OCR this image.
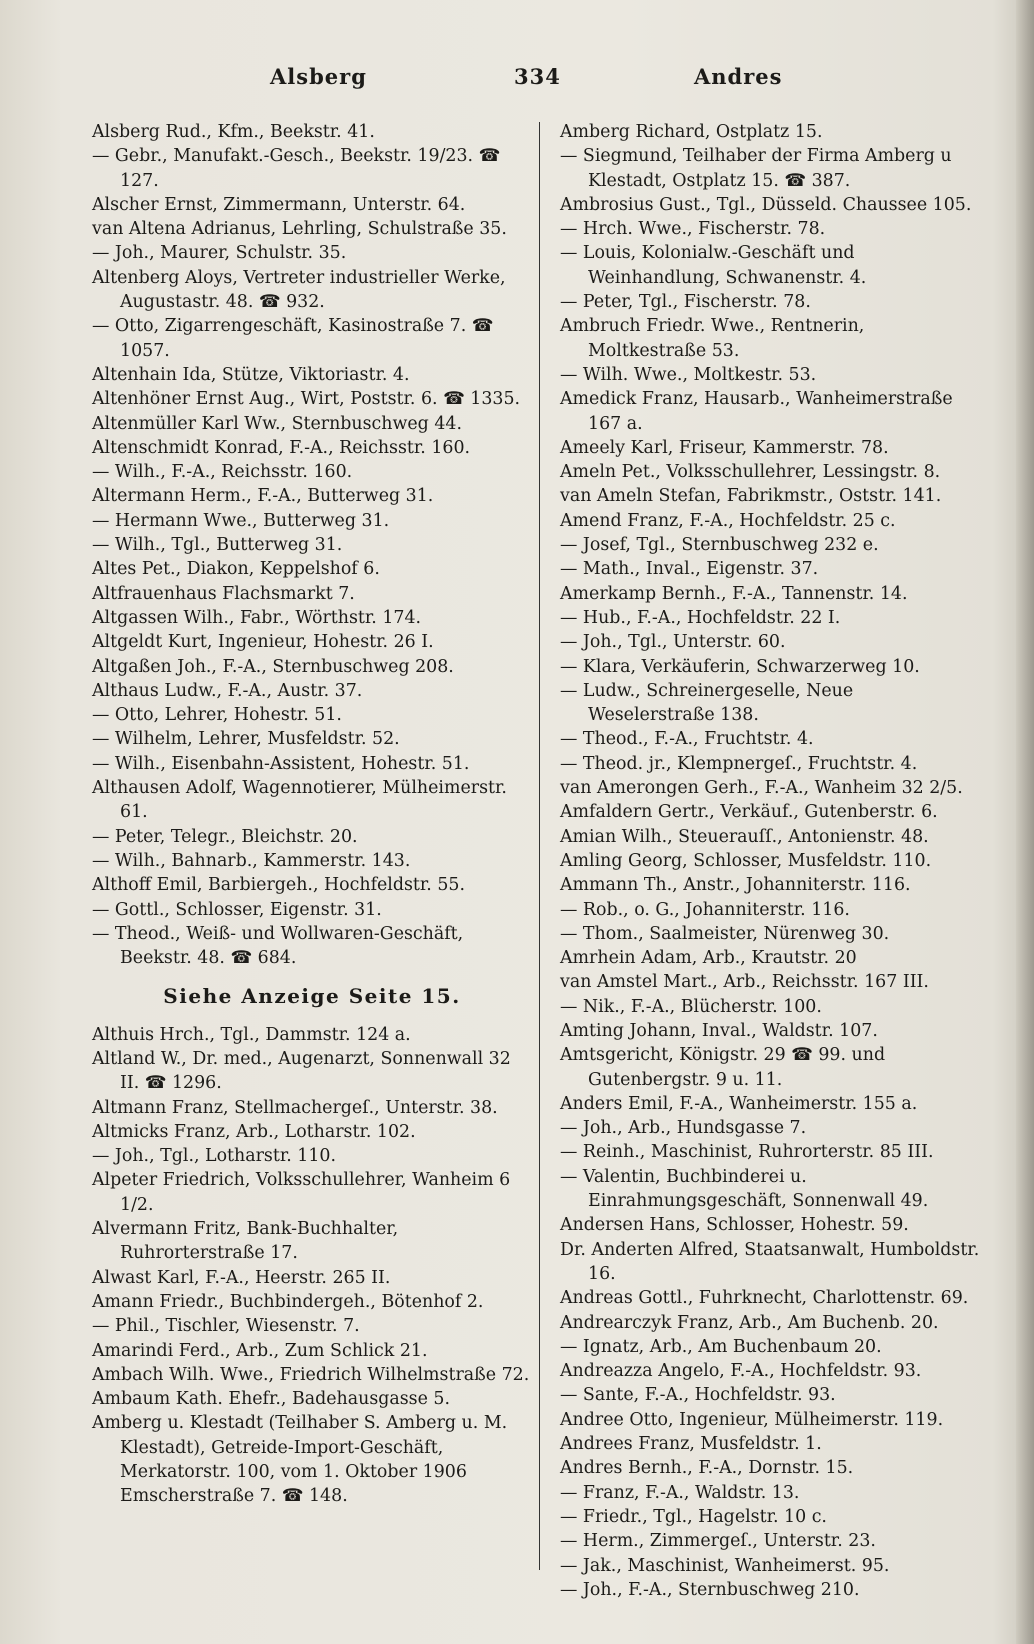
Alsberg	334	Andres

Alsberg Rud., Kfm., Beekstr. 41.

— Gebr., Manufakt.-Gesch., Beekstr. 19/23. ☎ 127.

Alscher Ernst, Zimmermann, Unterstr. 64.

van Altena Adrianus, Lehrling, Schulstraße 35.

— Joh., Maurer, Schulstr. 35.

Altenberg Aloys, Vertreter industrieller Werke, Augustastr. 48. ☎ 932.

— Otto, Zigarrengeschäft, Kasinostraße 7. ☎ 1057.

Altenhain Ida, Stütze, Viktoriastr. 4.

Altenhöner Ernst Aug., Wirt, Poststr. 6. ☎ 1335.

Altenmüller Karl Ww., Sternbuschweg 44.

Altenschmidt Konrad, F.-A., Reichsstr. 160.

— Wilh., F.-A., Reichsstr. 160.

Altermann Herm., F.-A., Butterweg 31.

— Hermann Wwe., Butterweg 31.

— Wilh., Tgl., Butterweg 31.

Altes Pet., Diakon, Keppelshof 6.

Altfrauenhaus Flachsmarkt 7.

Altgassen Wilh., Fabr., Wörthstr. 174.

Altgeldt Kurt, Ingenieur, Hohestr. 26 I.

Altgaßen Joh., F.-A., Sternbuschweg 208.

Althaus Ludw., F.-A., Austr. 37.

— Otto, Lehrer, Hohestr. 51.

— Wilhelm, Lehrer, Musfeldstr. 52.

— Wilh., Eisenbahn-Assistent, Hohestr. 51.

Althausen Adolf, Wagennotierer, Mülheimerstr. 61.

— Peter, Telegr., Bleichstr. 20.

— Wilh., Bahnarb., Kammerstr. 143.

Althoff Emil, Barbiergeh., Hochfeldstr. 55.

— Gottl., Schlosser, Eigenstr. 31.

— Theod., Weiß- und Wollwaren-Geschäft, Beekstr. 48. ☎ 684.

Siehe Anzeige Seite 15.

Althuis Hrch., Tgl., Dammstr. 124 a.

Altland W., Dr. med., Augenarzt, Sonnenwall 32 II. ☎ 1296.

Altmann Franz, Stellmachergeſ., Unterstr. 38.

Altmicks Franz, Arb., Lotharstr. 102.

— Joh., Tgl., Lotharstr. 110.

Alpeter Friedrich, Volksschullehrer, Wanheim 6 1/2.

Alvermann Fritz, Bank-Buchhalter, Ruhrorterstraße 17.

Alwast Karl, F.-A., Heerstr. 265 II.

Amann Friedr., Buchbindergeh., Bötenhof 2.

— Phil., Tischler, Wiesenstr. 7.

Amarindi Ferd., Arb., Zum Schlick 21.

Ambach Wilh. Wwe., Friedrich Wilhelmstraße 72.

Ambaum Kath. Ehefr., Badehausgasse 5.

Amberg u. Klestadt (Teilhaber S. Amberg u. M. Klestadt), Getreide-Import-Geschäft, Merkatorstr. 100, vom 1. Oktober 1906 Emscherstraße 7. ☎ 148.

Amberg Richard, Ostplatz 15.

— Siegmund, Teilhaber der Firma Amberg u Klestadt, Ostplatz 15. ☎ 387.

Ambrosius Gust., Tgl., Düsseld. Chaussee 105.

— Hrch. Wwe., Fischerstr. 78.

— Louis, Kolonialw.-Geschäft und Weinhandlung, Schwanenstr. 4.

— Peter, Tgl., Fischerstr. 78.

Ambruch Friedr. Wwe., Rentnerin, Moltkestraße 53.

— Wilh. Wwe., Moltkestr. 53.

Amedick Franz, Hausarb., Wanheimerstraße 167 a.

Ameely Karl, Friseur, Kammerstr. 78.

Ameln Pet., Volksschullehrer, Lessingstr. 8.

van Ameln Stefan, Fabrikmstr., Oststr. 141.

Amend Franz, F.-A., Hochfeldstr. 25 c.

— Josef, Tgl., Sternbuschweg 232 e.

— Math., Inval., Eigenstr. 37.

Amerkamp Bernh., F.-A., Tannenstr. 14.

— Hub., F.-A., Hochfeldstr. 22 I.

— Joh., Tgl., Unterstr. 60.

— Klara, Verkäuferin, Schwarzerweg 10.

— Ludw., Schreinergeselle, Neue Weselerstraße 138.

— Theod., F.-A., Fruchtstr. 4.

— Theod. jr., Klempnergeſ., Fruchtstr. 4.

van Amerongen Gerh., F.-A., Wanheim 32 2/5.

Amfaldern Gertr., Verkäuf., Gutenberstr. 6.

Amian Wilh., Steuerauſſ., Antonienstr. 48.

Amling Georg, Schlosser, Musfeldstr. 110.

Ammann Th., Anstr., Johanniterstr. 116.

— Rob., o. G., Johanniterstr. 116.

— Thom., Saalmeister, Nürenweg 30.

Amrhein Adam, Arb., Krautstr. 20

van Amstel Mart., Arb., Reichsstr. 167 III.

— Nik., F.-A., Blücherstr. 100.

Amting Johann, Inval., Waldstr. 107.

Amtsgericht, Königstr. 29 ☎ 99. und Gutenbergstr. 9 u. 11.

Anders Emil, F.-A., Wanheimerstr. 155 a.

— Joh., Arb., Hundsgasse 7.

— Reinh., Maschinist, Ruhrorterstr. 85 III.

— Valentin, Buchbinderei u. Einrahmungsgeschäft, Sonnenwall 49.

Andersen Hans, Schlosser, Hohestr. 59.

Dr. Anderten Alfred, Staatsanwalt, Humboldstr. 16.

Andreas Gottl., Fuhrknecht, Charlottenstr. 69.

Andrearczyk Franz, Arb., Am Buchenb. 20.

— Ignatz, Arb., Am Buchenbaum 20.

Andreazza Angelo, F.-A., Hochfeldstr. 93.

— Sante, F.-A., Hochfeldstr. 93.

Andree Otto, Ingenieur, Mülheimerstr. 119.

Andrees Franz, Musfeldstr. 1.

Andres Bernh., F.-A., Dornstr. 15.

— Franz, F.-A., Waldstr. 13.

— Friedr., Tgl., Hagelstr. 10 c.

— Herm., Zimmergeſ., Unterstr. 23.

— Jak., Maschinist, Wanheimerst. 95.

— Joh., F.-A., Sternbuschweg 210.
